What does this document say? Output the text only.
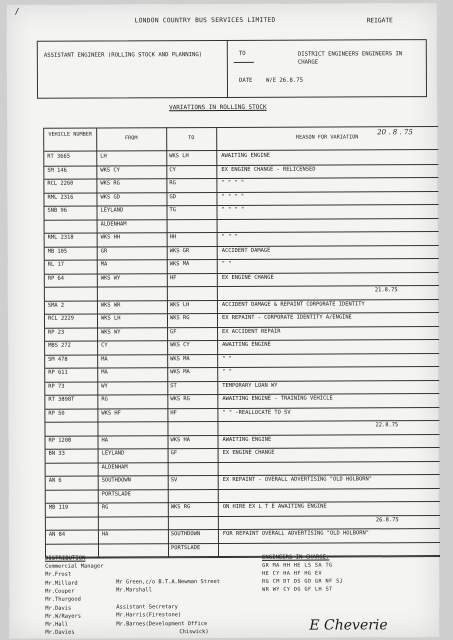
/
LONDON COUNTRY BUS SERVICES LIMITED	REIGATE
ASSISTANT ENGINEER (ROLLING STOCK AND PLANNING)	TO	DISTRICT ENGINEERS ENGINEERS IN CHARGE
DATE W/E 26.8.75
VARIATIONS IN ROLLING STOCK
20 . 8 . 75
VEHICLE NUMBER
FROM	TO	REASON FOR VARIATION
RT 3665	LH	WKS LH	AWAITING ENGINE
SM 146	WKS CY	CY	EX ENGINE CHANGE - RELICENSED
RCL 2260	WKS RG	RG	" " " "
RML 2316	WKS GD	GD	" " " "
SNB 96	LEYLAND	TG	" " " "
ALDENHAM
RML 2318	WKS HH	HH	" " "
MB 105	GR	WKS GR	ACCIDENT DAMAGE
RL 17	MA	WKS MA	" "
RP 64	WKS WY	HF	EX ENGINE CHANGE
21.8.75
SMA 2	WKS WR	WKS LH	ACCIDENT DAMAGE & REPAINT CORPORATE IDENTITY
RCL 2229	WKS LH	WKS RG	EX REPAINT - CORPORATE IDENTITY A/ENGINE
RP 23	WKS WY	GF	EX ACCIDENT REPAIR
MBS 272	CY	WKS CY	AWAITING ENGINE
SM 478	MA	WKS MA	" "
RP 611	MA	WKS MA	" "
RP 73	WY	ST	TEMPORARY LOAN WY
RT 3898T	RG	WKS RG	AWAITING ENGINE - TRAINING VEHICLE
RP 50	WKS HF	HF	" " -REALLOCATE TO SV
22.8.75
RP 120B	HA	WKS HA	AWAITING ENGINE
BN 33	LEYLAND	GF	EX ENGINE CHANGE
ALDENHAM
AN 6	SOUTHDOWN	SV	EX REPAINT - OVERALL ADVERTISING "OLD HOLBORN"
PORTSLADE
MB 119	RG	WKS RG	ON HIRE EX L T E AWAITING ENGINE
26.8.75
AN 84	HA	SOUTHDOWN	FOR REPAINT OVERALL ADVERTISING "OLD HOLBORN"
PORTSLADE
DISTRIBUTION	ENGINEERS IN CHARGE:
E Cheverie
Commercial Manager
Mr.Frost
Mr.Millard
Mr.Couper
Mr.Thurgood
Mr.Davis
Mr.W/Rayers
Mr.Hall
Mr.Davies
Mr Green,c/o B.T.A.Newman Street
Mr.Marshall
Assistant Secretary
Mr.Harris(Firestone)
Mr.Barnes(Development Office
Chiswick)
GR MA HH HE LS SA TG
HE CY HA HF HG EV
RG CM DT DS GD GR NF SJ
WR WY CY DG GF LH ST
